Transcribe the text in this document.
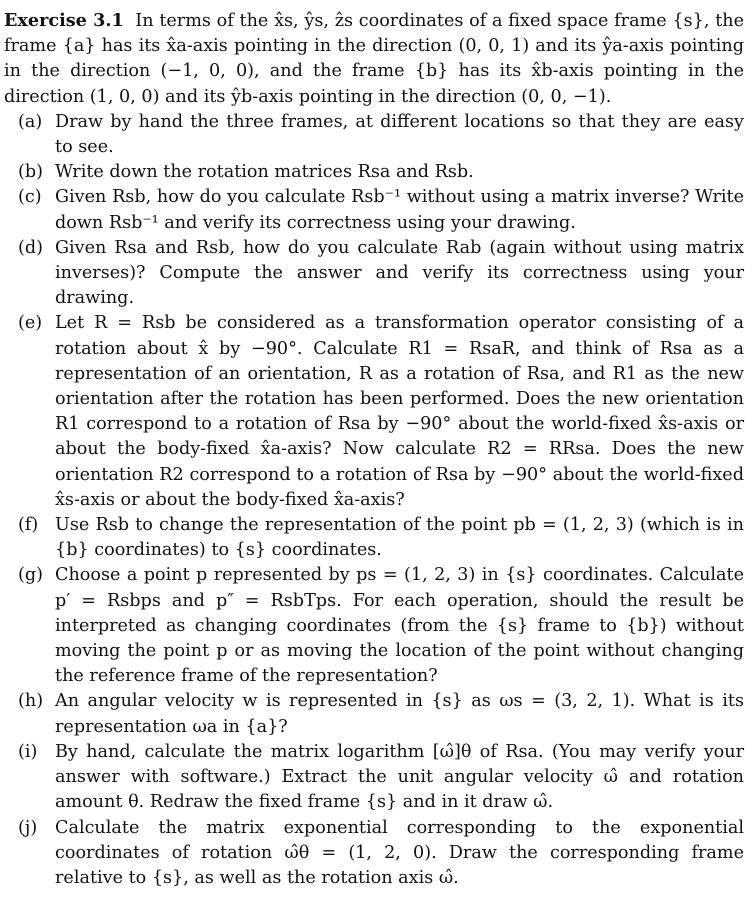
Exercise 3.1 In terms of the x̂s, ŷs, ẑs coordinates of a fixed space frame {s}, the frame {a} has its x̂a-axis pointing in the direction (0, 0, 1) and its ŷa-axis pointing in the direction (−1, 0, 0), and the frame {b} has its x̂b-axis pointing in the direction (1, 0, 0) and its ŷb-axis pointing in the direction (0, 0, −1).

(a) Draw by hand the three frames, at different locations so that they are easy to see.
(b) Write down the rotation matrices Rsa and Rsb.
(c) Given Rsb, how do you calculate Rsb⁻¹ without using a matrix inverse? Write down Rsb⁻¹ and verify its correctness using your drawing.
(d) Given Rsa and Rsb, how do you calculate Rab (again without using matrix inverses)? Compute the answer and verify its correctness using your drawing.
(e) Let R = Rsb be considered as a transformation operator consisting of a rotation about x̂ by −90°. Calculate R1 = RsaR, and think of Rsa as a representation of an orientation, R as a rotation of Rsa, and R1 as the new orientation after the rotation has been performed. Does the new orientation R1 correspond to a rotation of Rsa by −90° about the world-fixed x̂s-axis or about the body-fixed x̂a-axis? Now calculate R2 = RRsa. Does the new orientation R2 correspond to a rotation of Rsa by −90° about the world-fixed x̂s-axis or about the body-fixed x̂a-axis?
(f) Use Rsb to change the representation of the point pb = (1, 2, 3) (which is in {b} coordinates) to {s} coordinates.
(g) Choose a point p represented by ps = (1, 2, 3) in {s} coordinates. Calculate p′ = Rsbps and p″ = RsbTps. For each operation, should the result be interpreted as changing coordinates (from the {s} frame to {b}) without moving the point p or as moving the location of the point without changing the reference frame of the representation?
(h) An angular velocity w is represented in {s} as ωs = (3, 2, 1). What is its representation ωa in {a}?
(i) By hand, calculate the matrix logarithm [ω̂]θ of Rsa. (You may verify your answer with software.) Extract the unit angular velocity ω̂ and rotation amount θ. Redraw the fixed frame {s} and in it draw ω̂.
(j) Calculate the matrix exponential corresponding to the exponential coordinates of rotation ω̂θ = (1, 2, 0). Draw the corresponding frame relative to {s}, as well as the rotation axis ω̂.
